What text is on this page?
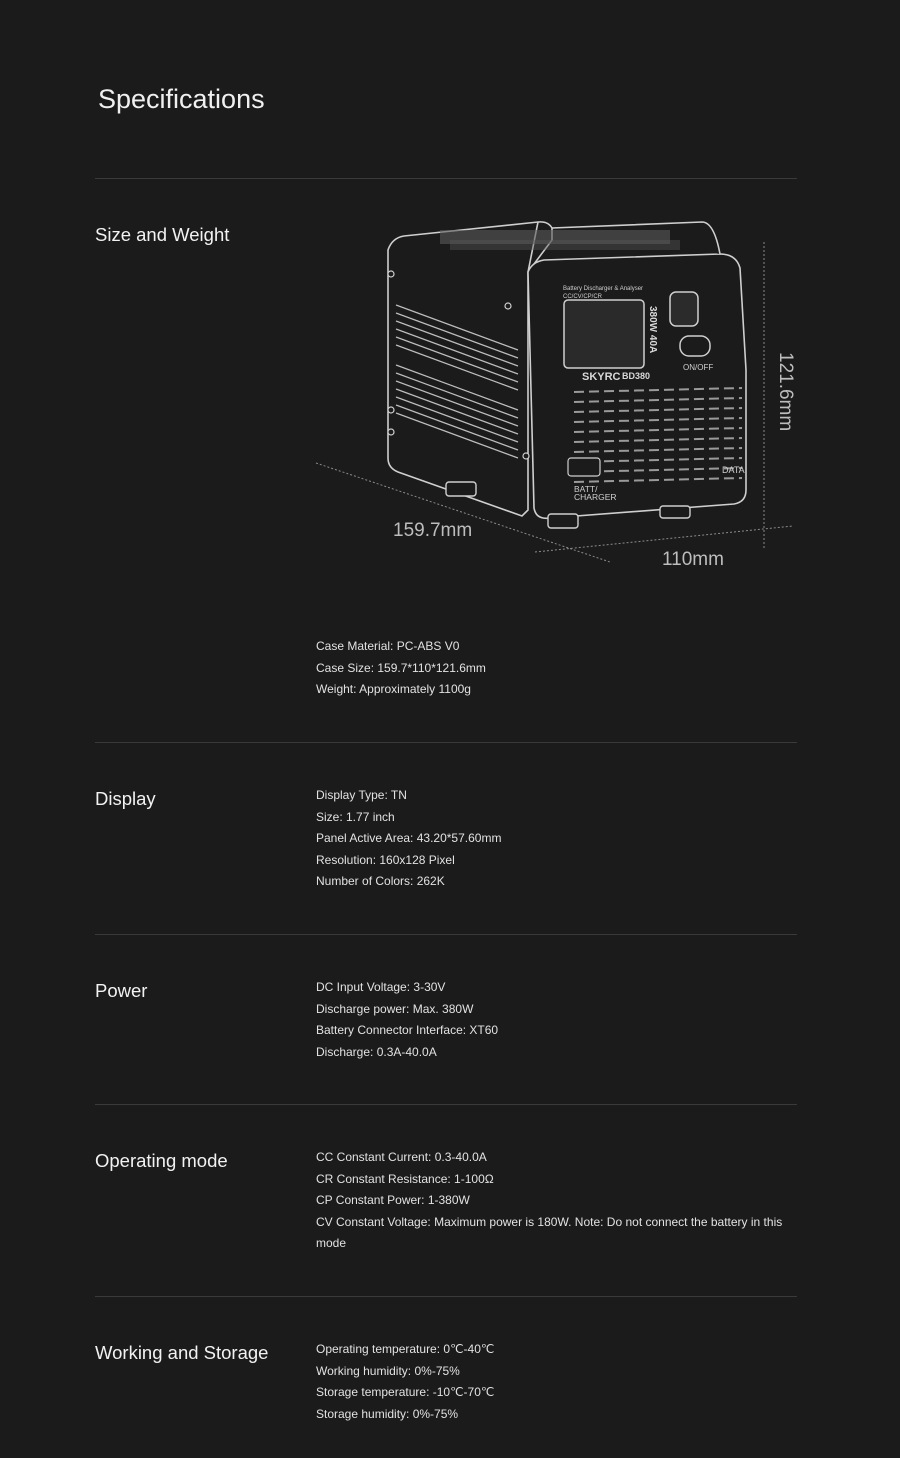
Specifications
Size and Weight
Battery Discharger & Analyser
CC/CV/CP/CR
SKYRC BD380
380W 40A
ON/OFF
BATT/ CHARGER
DATA
159.7mm
110mm
121.6mm
Case Material: PC-ABS V0
Case Size: 159.7*110*121.6mm
Weight: Approximately 1100g
Display	Display Type: TN
Size: 1.77 inch
Panel Active Area: 43.20*57.60mm
Resolution: 160x128 Pixel
Number of Colors: 262K
Power	DC Input Voltage: 3-30V
Discharge power: Max. 380W
Battery Connector Interface: XT60
Discharge: 0.3A-40.0A
Operating mode	CC Constant Current: 0.3-40.0A
CR Constant Resistance: 1-100Ω
CP Constant Power: 1-380W
CV Constant Voltage: Maximum power is 180W. Note: Do not connect the battery in this mode
Working and Storage	Operating temperature: 0℃-40℃
Working humidity: 0%-75%
Storage temperature: -10℃-70℃
Storage humidity: 0%-75%
